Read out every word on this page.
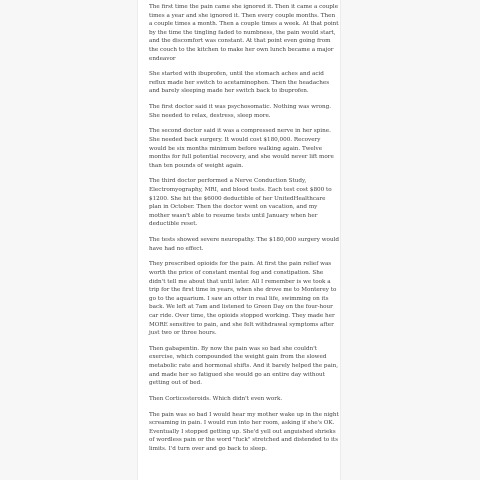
The first time the pain came she ignored it. Then it came a couple times a year and she ignored it. Then every couple months. Then a couple times a month. Then a couple times a week. At that point by the time the tingling faded to numbness, the pain would start, and the discomfort was constant. At that point even going from the couch to the kitchen to make her own lunch became a major endeavor

She started with ibuprofen, until the stomach aches and acid reflux made her switch to acetaminophen. Then the headaches and barely sleeping made her switch back to ibuprofen.

The first doctor said it was psychosomatic. Nothing was wrong. She needed to relax, destress, sleep more.

The second doctor said it was a compressed nerve in her spine. She needed back surgery. It would cost $180,000. Recovery would be six months minimum before walking again. Twelve months for full potential recovery, and she would never lift more than ten pounds of weight again.

The third doctor performed a Nerve Conduction Study, Electromyography, MRI, and blood tests. Each test cost $800 to $1200. She hit the $6000 deductible of her UnitedHealthcare plan in October. Then the doctor went on vacation, and my mother wasn't able to resume tests until January when her deductible reset.

The tests showed severe neuropathy. The $180,000 surgery would have had no effect.

They prescribed opioids for the pain. At first the pain relief was worth the price of constant mental fog and constipation. She didn't tell me about that until later. All I remember is we took a trip for the first time in years, when she drove me to Monterey to go to the aquarium. I saw an otter in real life, swimming on its back. We left at 7am and listened to Green Day on the four-hour car ride. Over time, the opioids stopped working. They made her MORE sensitive to pain, and she felt withdrawal symptoms after just two or three hours.

Then gabapentin. By now the pain was so bad she couldn't exercise, which compounded the weight gain from the slowed metabolic rate and hormonal shifts. And it barely helped the pain, and made her so fatigued she would go an entire day without getting out of bed.

Then Corticosteroids. Which didn't even work.

The pain was so bad I would hear my mother wake up in the night screaming in pain. I would run into her room, asking if she's OK. Eventually I stopped getting up. She'd yell out anguished shrieks of wordless pain or the word "fuck" stretched and distended to its limits. I'd turn over and go back to sleep.
